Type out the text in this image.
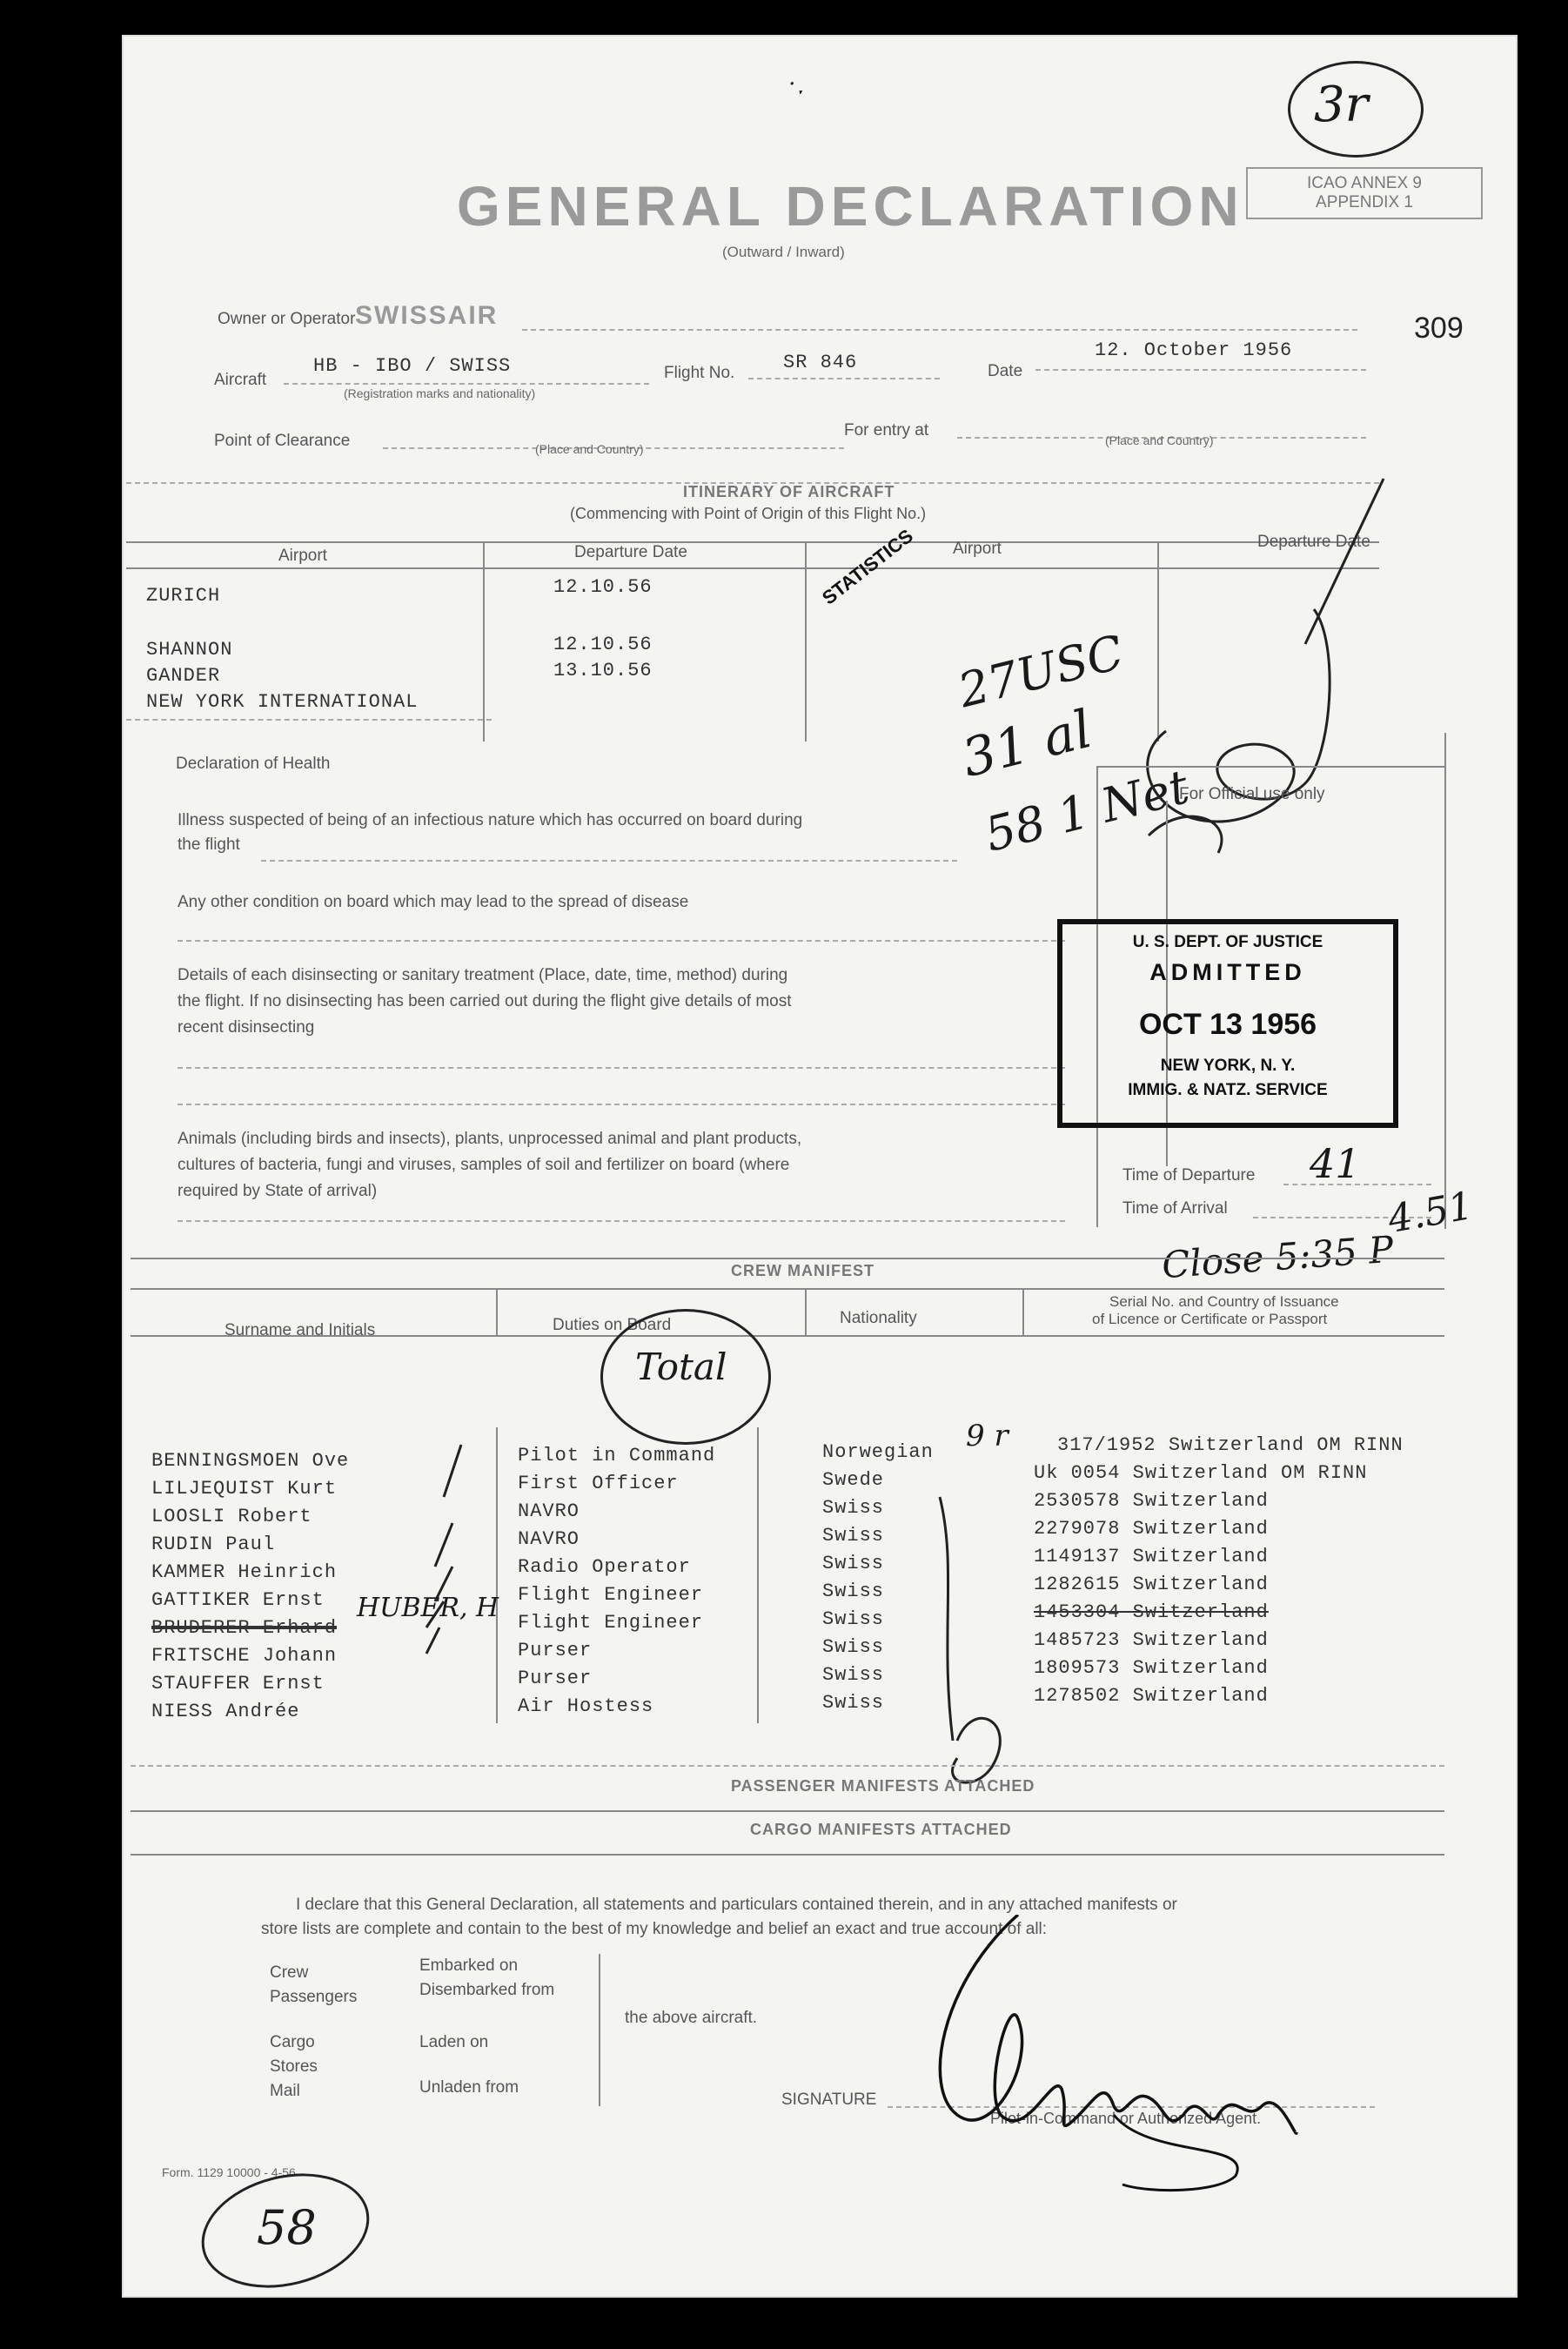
˙ˑ	3r
GENERAL DECLARATION
(Outward / Inward)
ICAO ANNEX 9
APPENDIX 1
309
Owner or Operator SWISSAIR
Aircraft
HB - IBO / SWISS
(Registration marks and nationality)
Flight No.	SR 846	Date
12. October 1956
Point of Clearance	(Place and Country)
For entry at
(Place and Country)
ITINERARY OF AIRCRAFT
(Commencing with Point of Origin of this Flight No.)
Airport	Departure Date	Airport	Departure Date
ZURICH	12.10.56
SHANNON	12.10.56
GANDER	13.10.56
NEW YORK INTERNATIONAL
STATISTICS
27USC
31 al
58 1 Net
Declaration of Health
For Official use only
Illness suspected of being of an infectious nature which has occurred on board during
the flight
Any other condition on board which may lead to the spread of disease
Details of each disinsecting or sanitary treatment (Place, date, time, method) during
the flight. If no disinsecting has been carried out during the flight give details of most
recent disinsecting
Animals (including birds and insects), plants, unprocessed animal and plant products,
cultures of bacteria, fungi and viruses, samples of soil and fertilizer on board (where
required by State of arrival)
Time of Departure
Time of Arrival
41
4.51
Close 5:35 P
U. S. DEPT. OF JUSTICE
ADMITTED
OCT 13 1956
NEW YORK, N. Y.
IMMIG. & NATZ. SERVICE
CREW MANIFEST
Surname and Initials	Duties on Board	Nationality
Serial No. and Country of Issuance
of Licence or Certificate or Passport
Total
BENNINGSMOEN Ove	Pilot in Command	Norwegian	317/1952 Switzerland OM RINN
LILJEQUIST Kurt	First Officer	Swede	Uk 0054 Switzerland OM RINN
LOOSLI Robert	NAVRO	Swiss	2530578 Switzerland
RUDIN Paul	NAVRO	Swiss	2279078 Switzerland
KAMMER Heinrich	Radio Operator	Swiss	1149137 Switzerland
GATTIKER Ernst	Flight Engineer	Swiss	1282615 Switzerland
BRUDERER Erhard	Flight Engineer	Swiss	1453304 Switzerland
FRITSCHE Johann	Purser	Swiss	1485723 Switzerland
STAUFFER Ernst	Purser	Swiss	1809573 Switzerland
NIESS Andrée	Air Hostess	Swiss	1278502 Switzerland
HUBER, H
9 r
PASSENGER MANIFESTS ATTACHED
CARGO MANIFESTS ATTACHED
I declare that this General Declaration, all statements and particulars contained therein, and in any attached manifests or
store lists are complete and contain to the best of my knowledge and belief an exact and true account of all:
Crew
Passengers
Embarked on
Disembarked from
Cargo
Stores
Mail
Laden on
Unladen from
the above aircraft.
SIGNATURE
Pilot-in-Command or Authorized Agent.
Form. 1129 10000 - 4-56
58
